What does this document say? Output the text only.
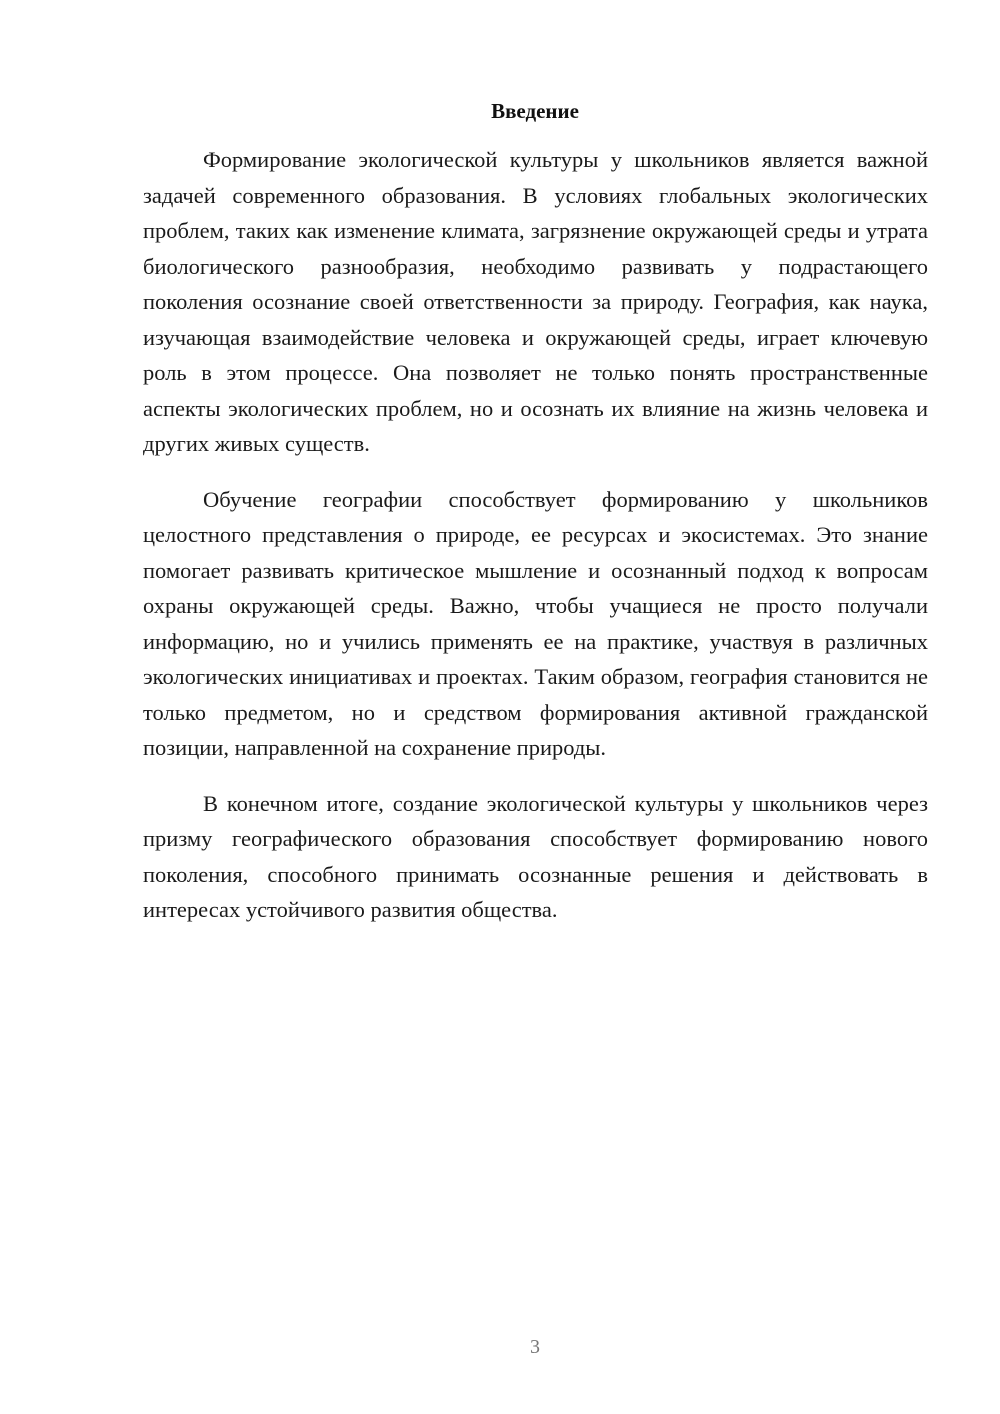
Введение

Формирование экологической культуры у школьников является важной задачей современного образования. В условиях глобальных экологических проблем, таких как изменение климата, загрязнение окружающей среды и утрата биологического разнообразия, необходимо развивать у подрастающего поколения осознание своей ответственности за природу. География, как наука, изучающая взаимодействие человека и окружающей среды, играет ключевую роль в этом процессе. Она позволяет не только понять пространственные аспекты экологических проблем, но и осознать их влияние на жизнь человека и других живых существ.

Обучение географии способствует формированию у школьников целостного представления о природе, ее ресурсах и экосистемах. Это знание помогает развивать критическое мышление и осознанный подход к вопросам охраны окружающей среды. Важно, чтобы учащиеся не просто получали информацию, но и учились применять ее на практике, участвуя в различных экологических инициативах и проектах. Таким образом, география становится не только предметом, но и средством формирования активной гражданской позиции, направленной на сохранение природы.

В конечном итоге, создание экологической культуры у школьников через призму географического образования способствует формированию нового поколения, способного принимать осознанные решения и действовать в интересах устойчивого развития общества.

3
